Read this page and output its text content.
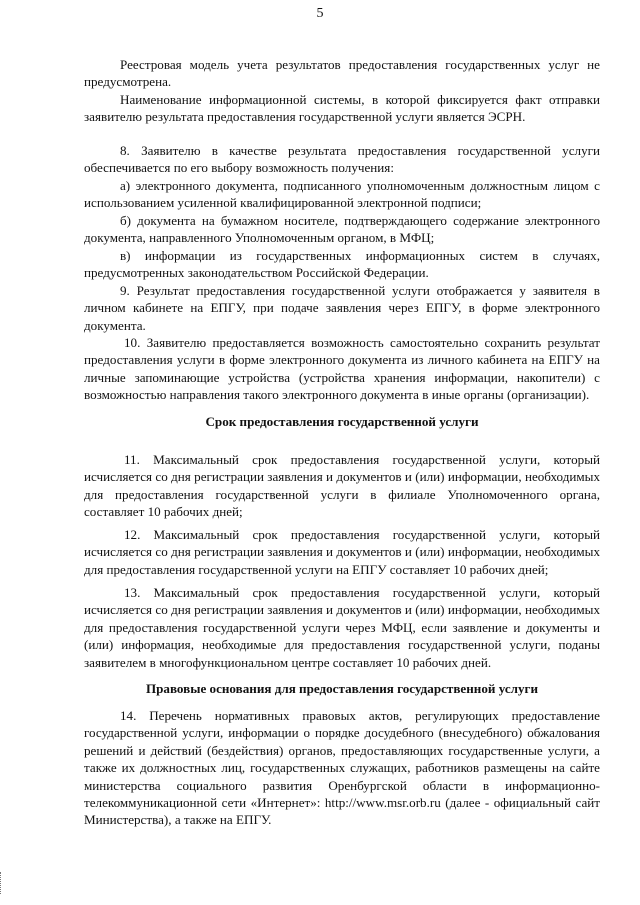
5

Реестровая модель учета результатов предоставления государственных услуг не предусмотрена.

Наименование информационной системы, в которой фиксируется факт отправки заявителю результата предоставления государственной услуги является ЭСРН.

8. Заявителю в качестве результата предоставления государственной услуги обеспечивается по его выбору возможность получения:

а) электронного документа, подписанного уполномоченным должностным лицом с использованием усиленной квалифицированной электронной подписи;

б) документа на бумажном носителе, подтверждающего содержание электронного документа, направленного Уполномоченным органом, в МФЦ;

в) информации из государственных информационных систем в случаях, предусмотренных законодательством Российской Федерации.

9. Результат предоставления государственной услуги отображается у заявителя в личном кабинете на ЕПГУ, при подаче заявления через ЕПГУ, в форме электронного документа.

10. Заявителю предоставляется возможность самостоятельно сохранить результат предоставления услуги в форме электронного документа из личного кабинета на ЕПГУ на личные запоминающие устройства (устройства хранения информации, накопители) с возможностью направления такого электронного документа в иные органы (организации).

Срок предоставления государственной услуги

11. Максимальный срок предоставления государственной услуги, который исчисляется со дня регистрации заявления и документов и (или) информации, необходимых для предоставления государственной услуги в филиале Уполномоченного органа, составляет 10 рабочих дней;

12. Максимальный срок предоставления государственной услуги, который исчисляется со дня регистрации заявления и документов и (или) информации, необходимых для предоставления государственной услуги на ЕПГУ составляет 10 рабочих дней;

13. Максимальный срок предоставления государственной услуги, который исчисляется со дня регистрации заявления и документов и (или) информации, необходимых для предоставления государственной услуги через МФЦ, если заявление и документы и (или) информация, необходимые для предоставления государственной услуги, поданы заявителем в многофункциональном центре составляет 10 рабочих дней.

Правовые основания для предоставления государственной услуги

14. Перечень нормативных правовых актов, регулирующих предоставление государственной услуги, информации о порядке досудебного (внесудебного) обжалования решений и действий (бездействия) органов, предоставляющих государственные услуги, а также их должностных лиц, государственных служащих, работников размещены на сайте министерства социального развития Оренбургской области в информационно-телекоммуникационной сети «Интернет»: http://www.msr.orb.ru (далее - официальный сайт Министерства), а также на ЕПГУ.
